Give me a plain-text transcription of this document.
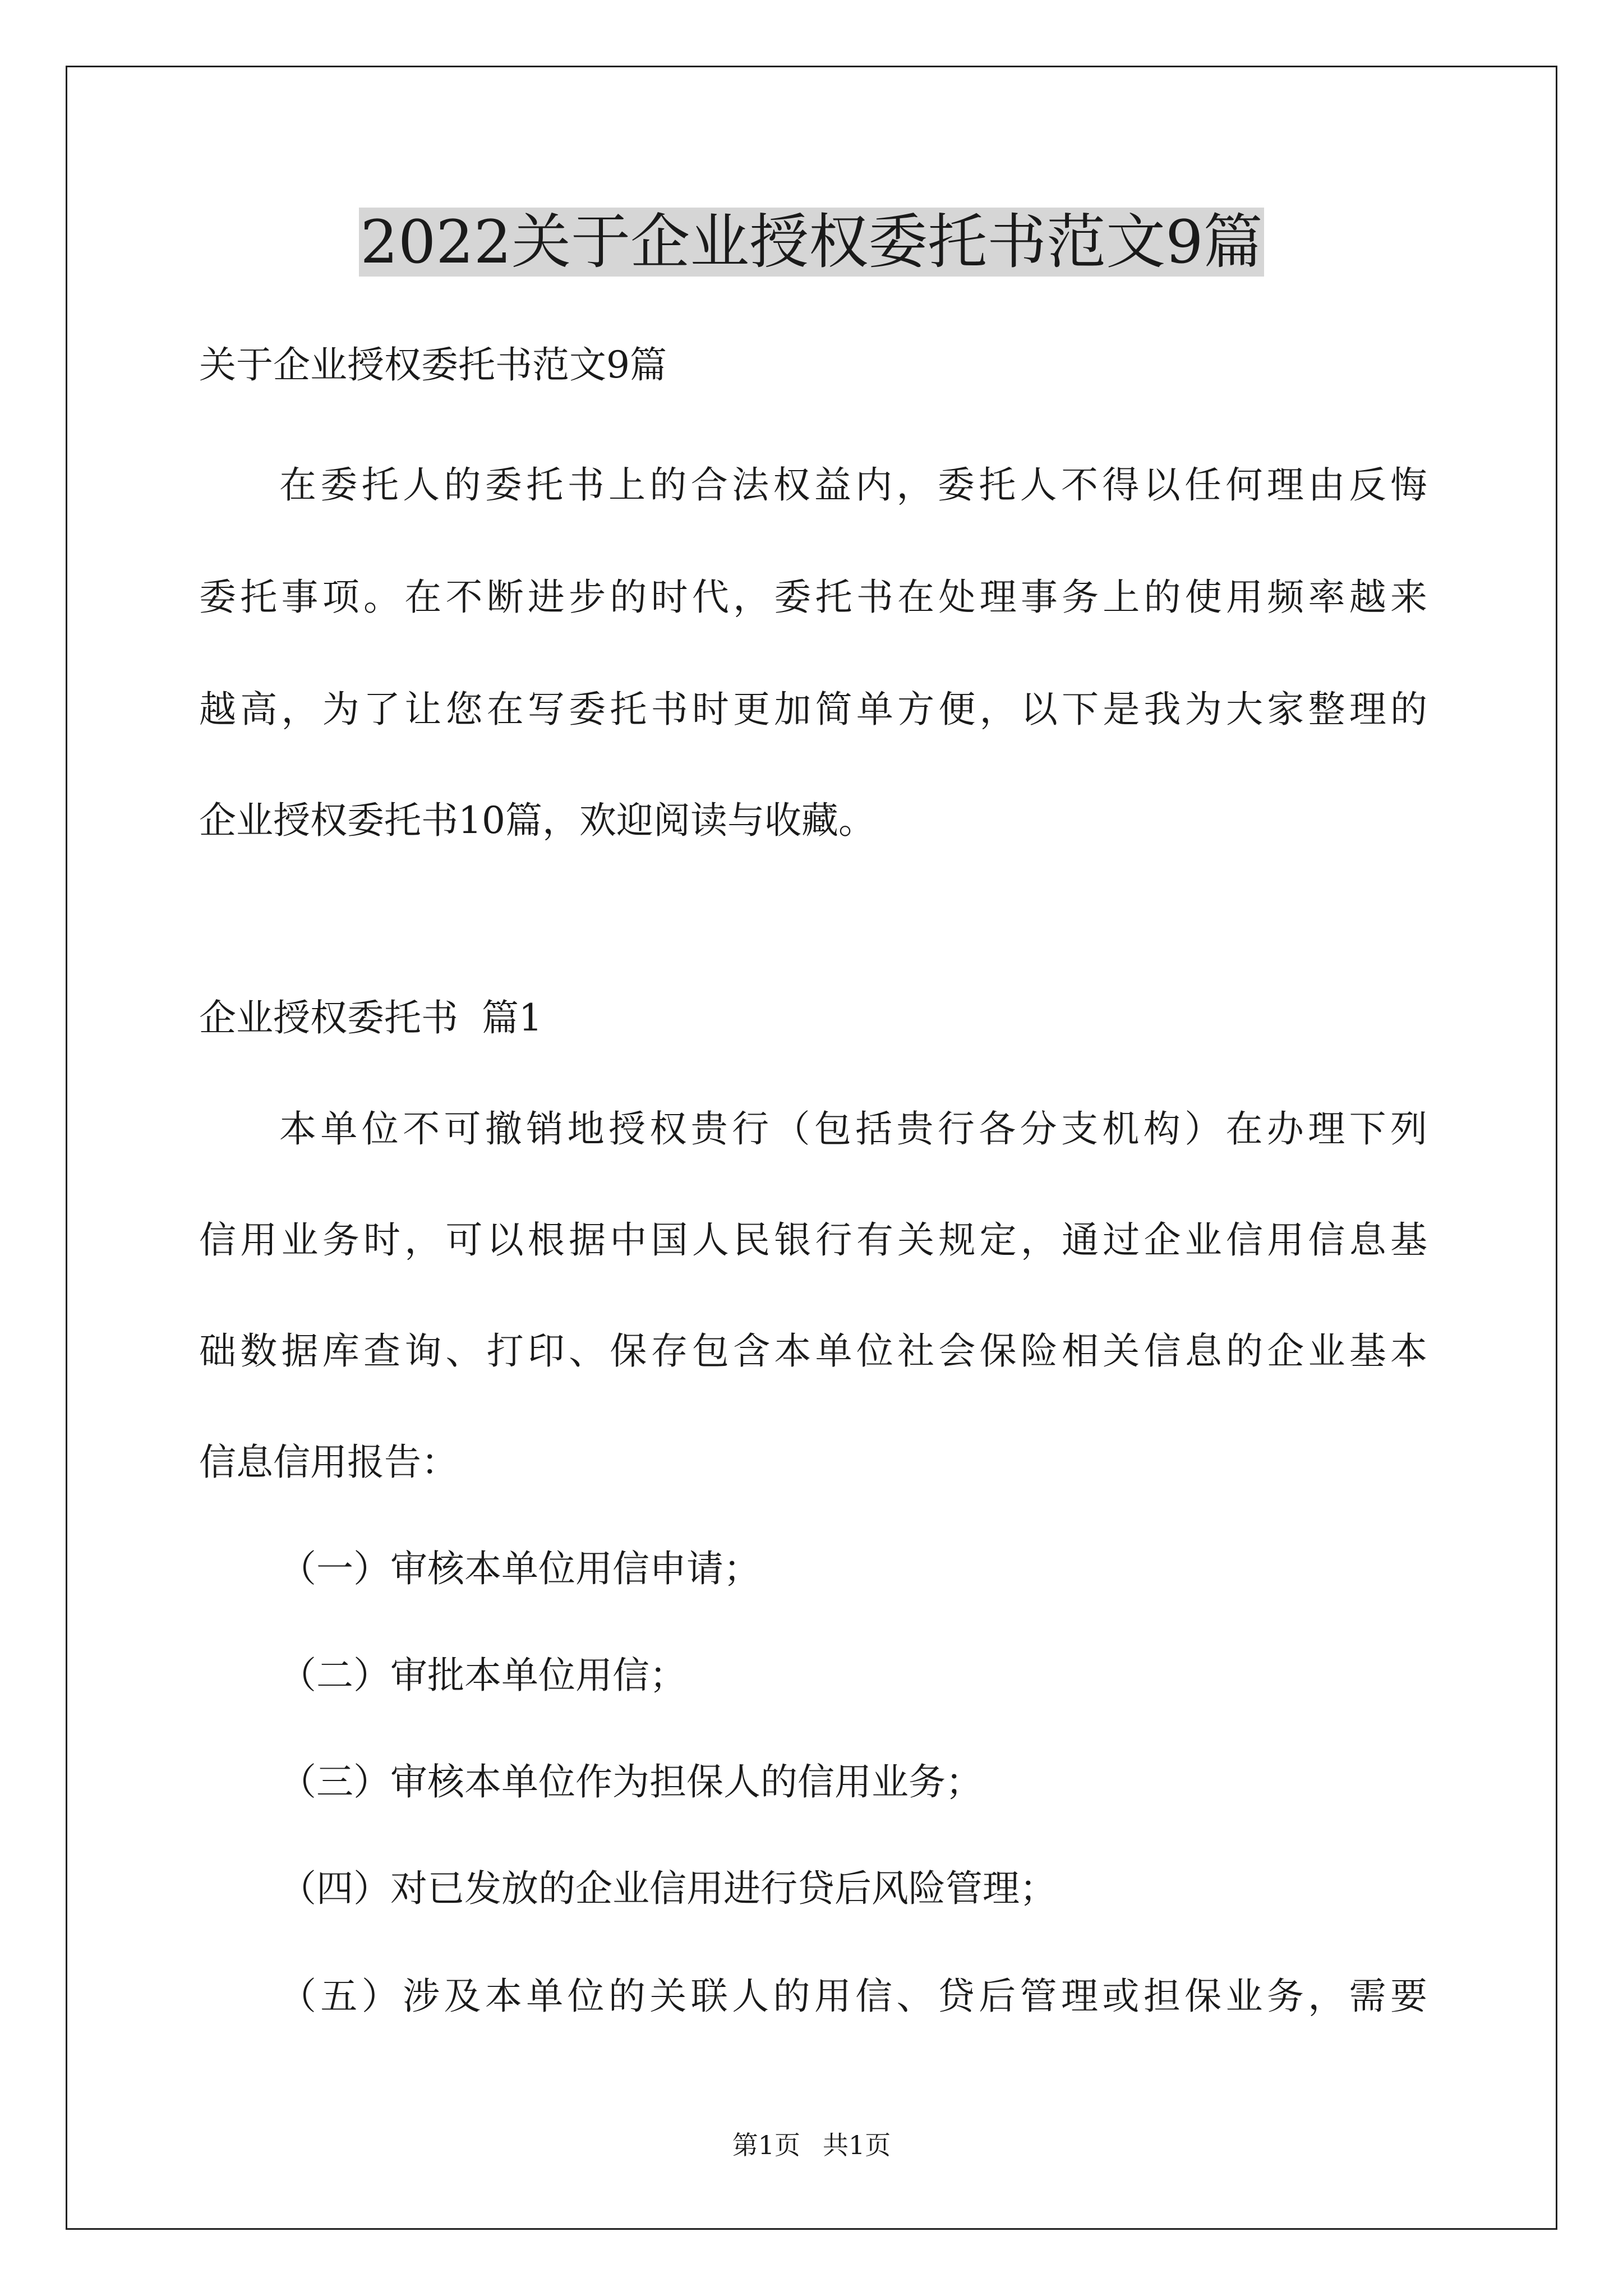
2022关于企业授权委托书范文9篇

关于企业授权委托书范文9篇

在委托人的委托书上的合法权益内，委托人不得以任何理由反悔

委托事项。在不断进步的时代，委托书在处理事务上的使用频率越来

越高，为了让您在写委托书时更加简单方便，以下是我为大家整理的

企业授权委托书10篇，欢迎阅读与收藏。

企业授权委托书  篇1

本单位不可撤销地授权贵行（包括贵行各分支机构）在办理下列

信用业务时，可以根据中国人民银行有关规定，通过企业信用信息基

础数据库查询、打印、保存包含本单位社会保险相关信息的企业基本

信息信用报告：

（一）审核本单位用信申请；

（二）审批本单位用信；

（三）审核本单位作为担保人的信用业务；

（四）对已发放的企业信用进行贷后风险管理；

（五）涉及本单位的关联人的用信、贷后管理或担保业务，需要

第1页 共1页
